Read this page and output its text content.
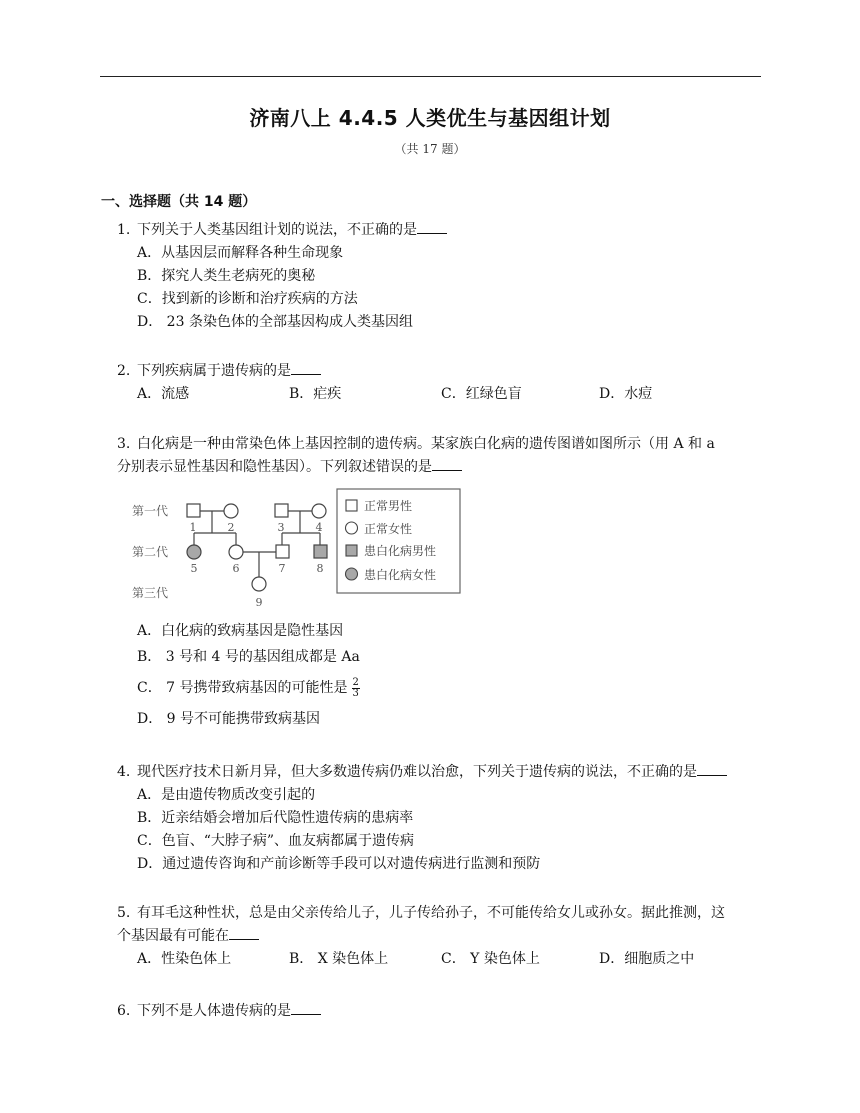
济南八上 4.4.5 人类优生与基因组计划
（共 17 题）
一、选择题（共 14 题）
1. 下列关于人类基因组计划的说法，不正确的是
A．从基因层而解释各种生命现象
B．探究人类生老病死的奥秘
C．找到新的诊断和治疗疾病的方法
D． 23 条染色体的全部基因构成人类基因组
2. 下列疾病属于遗传病的是
A．流感	B．疟疾	C．红绿色盲	D．水痘
3. 白化病是一种由常染色体上基因控制的遗传病。某家族白化病的遗传图谱如图所示（用 A 和 a
分别表示显性基因和隐性基因）。下列叙述错误的是
第一代
第二代
第三代
1	2	3	4
5	6	7	8
9
正常男性
正常女性
患白化病男性
患白化病女性
A．白化病的致病基因是隐性基因
B． 3 号和 4 号的基因组成都是 Aa
C． 7 号携带致病基因的可能性是 $\frac{2}{3}$
D． 9 号不可能携带致病基因
4. 现代医疗技术日新月异，但大多数遗传病仍难以治愈，下列关于遗传病的说法，不正确的是
A．是由遗传物质改变引起的
B．近亲结婚会增加后代隐性遗传病的患病率
C．色盲、“大脖子病”、血友病都属于遗传病
D．通过遗传咨询和产前诊断等手段可以对遗传病进行监测和预防
5. 有耳毛这种性状，总是由父亲传给儿子，儿子传给孙子，不可能传给女儿或孙女。据此推测，这
个基因最有可能在
A．性染色体上	B． X 染色体上	C． Y 染色体上	D．细胞质之中
6. 下列不是人体遗传病的是
